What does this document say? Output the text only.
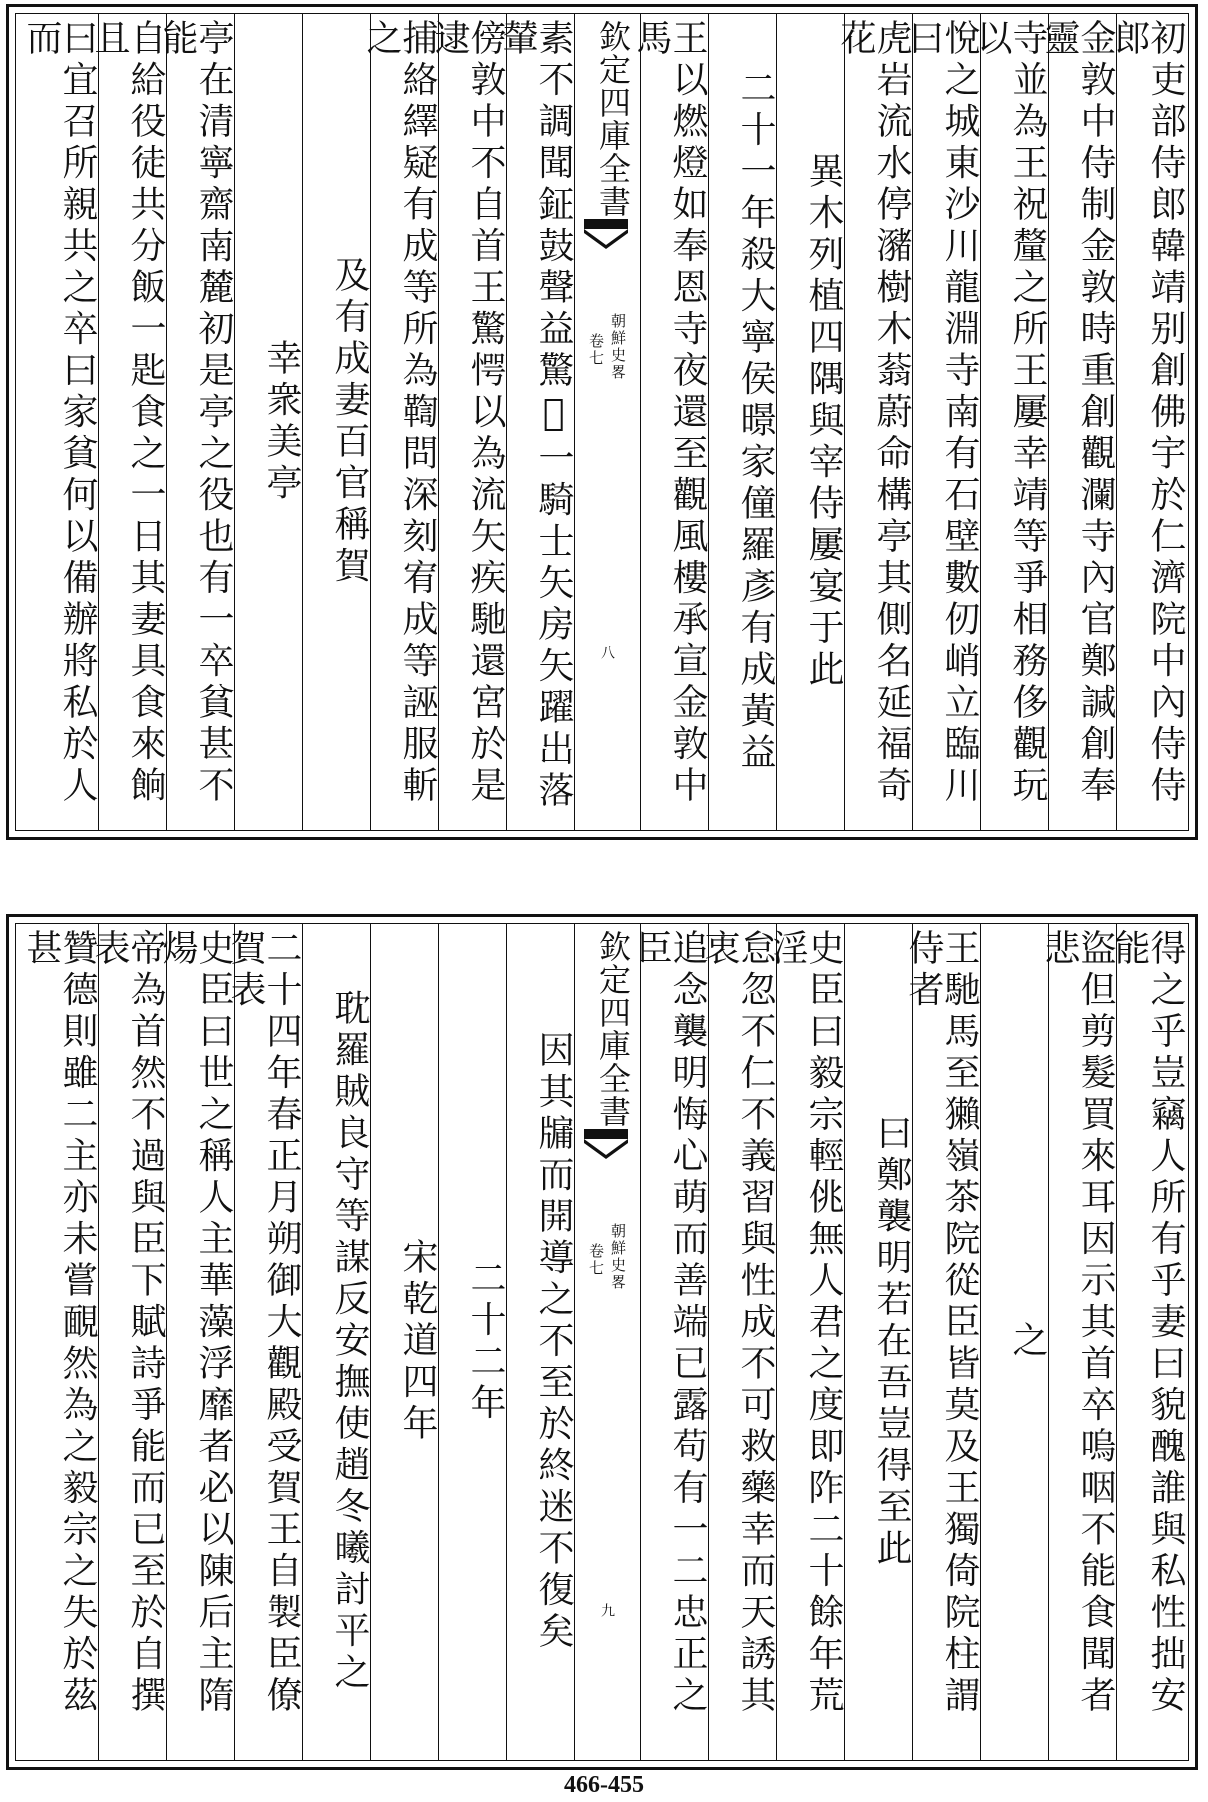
初吏部侍郎韓靖别創佛宇於仁濟院中內侍侍郎
金敦中侍制金敦時重創觀瀾寺內官鄭諴創奉靈
寺並為王祝釐之所王屢幸靖等爭相務侈觀玩以
悅之城東沙川龍淵寺南有石壁數仞峭立臨川曰
虎岩流水停瀦樹木蓊蔚命構亭其側名延福奇花
異木列植四隅與宰侍屢宴于此
二十一年殺大寧侯暻家僮羅彥有成黃益
王以燃燈如奉恩寺夜還至觀風樓承宣金敦中馬
欽定四庫全書
朝鮮史畧
卷七
八
素不調聞鉦鼓聲益驚𩦬一騎士矢房矢躍出落輦
傍敦中不自首王驚愕以為流矢疾馳還宮於是逮
捕絡繹疑有成等所為鞫問深刻宥成等誣服斬之
及有成妻百官稱賀
幸衆美亭
亭在清寧齋南麓初是亭之役也有一卒貧甚不能
自給役徒共分飯一匙食之一日其妻具食來餉且
曰宜召所親共之卒曰家貧何以備辦將私於人而
得之乎豈竊人所有乎妻曰貌醜誰與私性拙安能
盜但剪髮買來耳因示其首卒嗚咽不能食聞者悲
之
王馳馬至獺嶺茶院從臣皆莫及王獨倚院柱謂侍者
曰鄭襲明若在吾豈得至此
史臣曰毅宗輕佻無人君之度即阼二十餘年荒淫
怠忽不仁不義習與性成不可救藥幸而天誘其衷
追念襲明悔心萌而善端已露苟有一二忠正之臣
欽定四庫全書
朝鮮史畧
卷七
九
因其牖而開導之不至於終迷不復矣
二十二年
宋乾道四年
耽羅賊良守等謀反安撫使趙冬曦討平之
二十四年春正月朔御大觀殿受賀王自製臣僚賀表
史臣曰世之稱人主華藻浮靡者必以陳后主隋煬
帝為首然不過與臣下賦詩爭能而已至於自撰表
贊德則雖二主亦未嘗靦然為之毅宗之失於茲甚
466-455
